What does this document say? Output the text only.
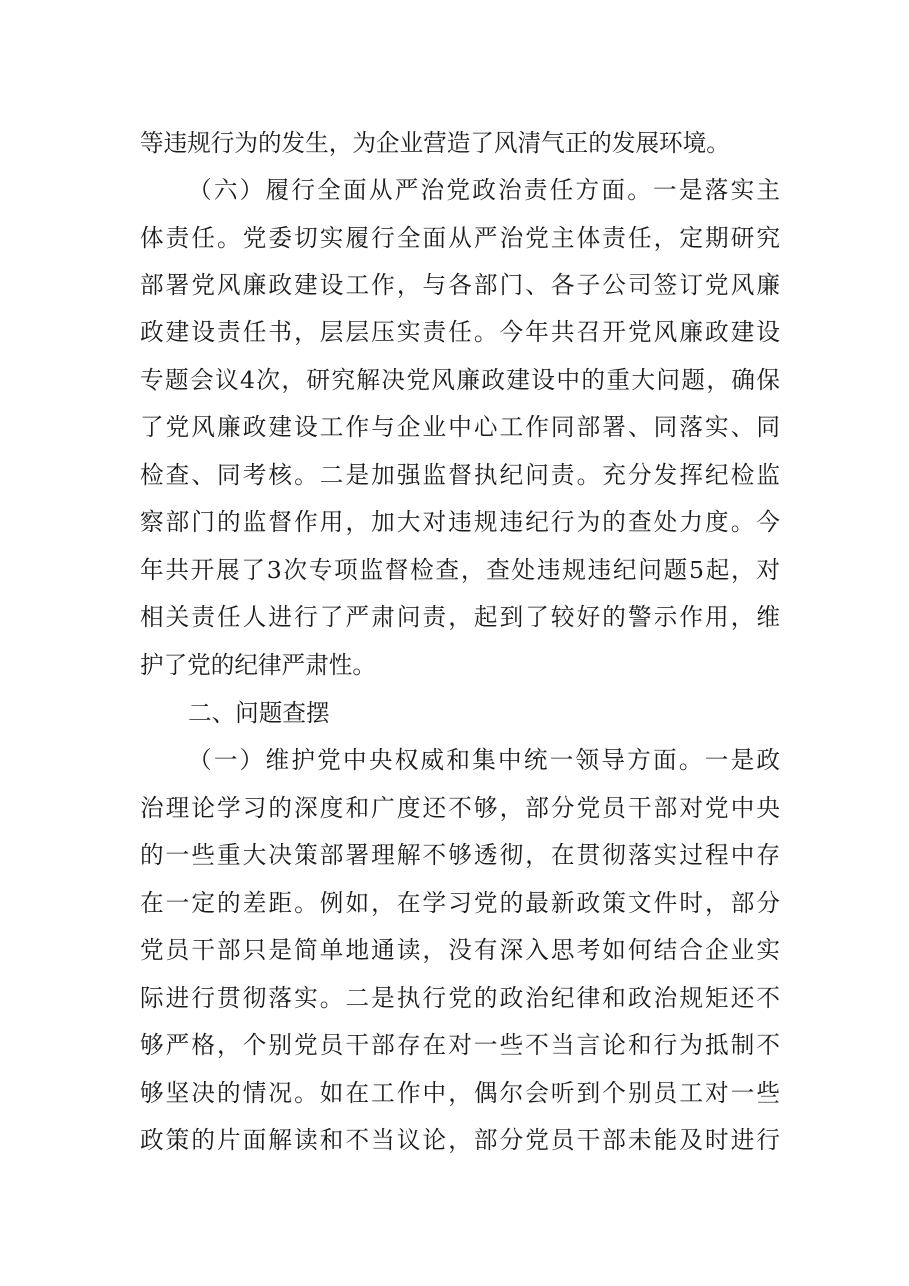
等违规行为的发生，为企业营造了风清气正的发展环境。
（六）履行全面从严治党政治责任方面。一是落实主
体责任。党委切实履行全面从严治党主体责任，定期研究
部署党风廉政建设工作，与各部门、各子公司签订党风廉
政建设责任书，层层压实责任。今年共召开党风廉政建设
专题会议4次，研究解决党风廉政建设中的重大问题，确保
了党风廉政建设工作与企业中心工作同部署、同落实、同
检查、同考核。二是加强监督执纪问责。充分发挥纪检监
察部门的监督作用，加大对违规违纪行为的查处力度。今
年共开展了3次专项监督检查，查处违规违纪问题5起，对
相关责任人进行了严肃问责，起到了较好的警示作用，维
护了党的纪律严肃性。
二、问题查摆
（一）维护党中央权威和集中统一领导方面。一是政
治理论学习的深度和广度还不够，部分党员干部对党中央
的一些重大决策部署理解不够透彻，在贯彻落实过程中存
在一定的差距。例如，在学习党的最新政策文件时，部分
党员干部只是简单地通读，没有深入思考如何结合企业实
际进行贯彻落实。二是执行党的政治纪律和政治规矩还不
够严格，个别党员干部存在对一些不当言论和行为抵制不
够坚决的情况。如在工作中，偶尔会听到个别员工对一些
政策的片面解读和不当议论，部分党员干部未能及时进行
